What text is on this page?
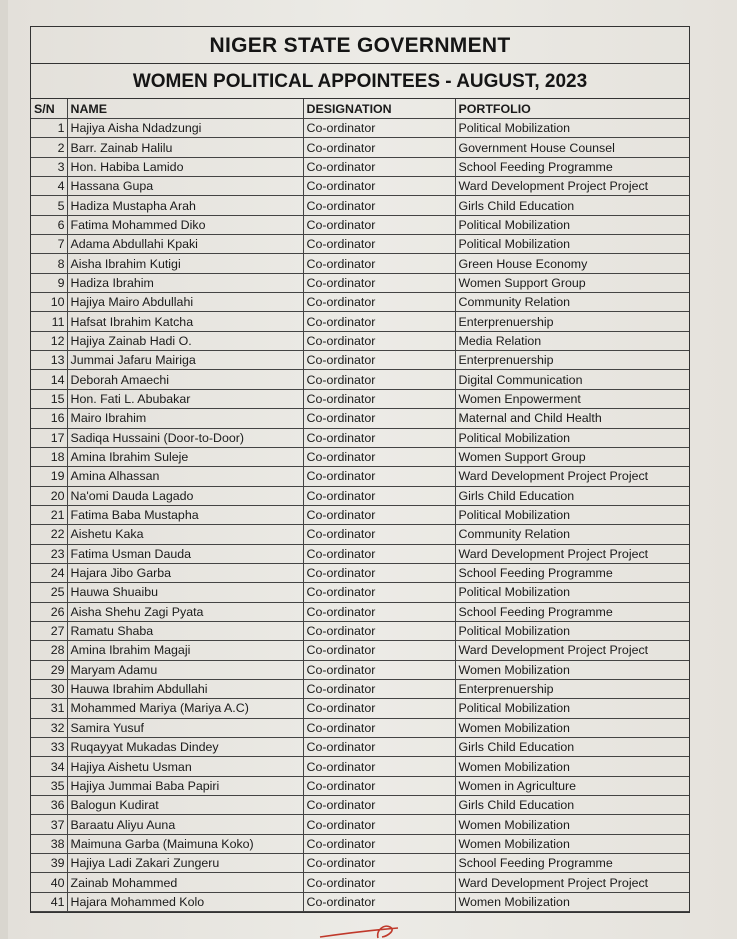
NIGER STATE GOVERNMENT
WOMEN POLITICAL APPOINTEES - AUGUST, 2023
S/N	NAME	DESIGNATION	PORTFOLIO
1	Hajiya Aisha Ndadzungi	Co-ordinator	Political Mobilization
2	Barr. Zainab Halilu	Co-ordinator	Government House Counsel
3	Hon. Habiba Lamido	Co-ordinator	School Feeding Programme
4	Hassana Gupa	Co-ordinator	Ward Development Project Project
5	Hadiza Mustapha Arah	Co-ordinator	Girls Child Education
6	Fatima Mohammed Diko	Co-ordinator	Political Mobilization
7	Adama Abdullahi Kpaki	Co-ordinator	Political Mobilization
8	Aisha Ibrahim Kutigi	Co-ordinator	Green House Economy
9	Hadiza Ibrahim	Co-ordinator	Women Support Group
10	Hajiya Mairo Abdullahi	Co-ordinator	Community Relation
11	Hafsat Ibrahim Katcha	Co-ordinator	Enterprenuership
12	Hajiya Zainab Hadi O.	Co-ordinator	Media Relation
13	Jummai Jafaru Mairiga	Co-ordinator	Enterprenuership
14	Deborah Amaechi	Co-ordinator	Digital Communication
15	Hon. Fati L. Abubakar	Co-ordinator	Women Enpowerment
16	Mairo Ibrahim	Co-ordinator	Maternal and Child Health
17	Sadiqa Hussaini (Door-to-Door)	Co-ordinator	Political Mobilization
18	Amina Ibrahim Suleje	Co-ordinator	Women Support Group
19	Amina Alhassan	Co-ordinator	Ward Development Project Project
20	Na'omi Dauda Lagado	Co-ordinator	Girls Child Education
21	Fatima Baba Mustapha	Co-ordinator	Political Mobilization
22	Aishetu Kaka	Co-ordinator	Community Relation
23	Fatima Usman Dauda	Co-ordinator	Ward Development Project Project
24	Hajara Jibo Garba	Co-ordinator	School Feeding Programme
25	Hauwa Shuaibu	Co-ordinator	Political Mobilization
26	Aisha Shehu Zagi Pyata	Co-ordinator	School Feeding Programme
27	Ramatu Shaba	Co-ordinator	Political Mobilization
28	Amina Ibrahim Magaji	Co-ordinator	Ward Development Project Project
29	Maryam Adamu	Co-ordinator	Women Mobilization
30	Hauwa Ibrahim Abdullahi	Co-ordinator	Enterprenuership
31	Mohammed Mariya (Mariya A.C)	Co-ordinator	Political Mobilization
32	Samira Yusuf	Co-ordinator	Women Mobilization
33	Ruqayyat Mukadas Dindey	Co-ordinator	Girls Child Education
34	Hajiya Aishetu Usman	Co-ordinator	Women Mobilization
35	Hajiya Jummai Baba Papiri	Co-ordinator	Women in Agriculture
36	Balogun Kudirat	Co-ordinator	Girls Child Education
37	Baraatu Aliyu Auna	Co-ordinator	Women Mobilization
38	Maimuna Garba (Maimuna Koko)	Co-ordinator	Women Mobilization
39	Hajiya Ladi Zakari Zungeru	Co-ordinator	School Feeding Programme
40	Zainab Mohammed	Co-ordinator	Ward Development Project Project
41	Hajara Mohammed Kolo	Co-ordinator	Women Mobilization
